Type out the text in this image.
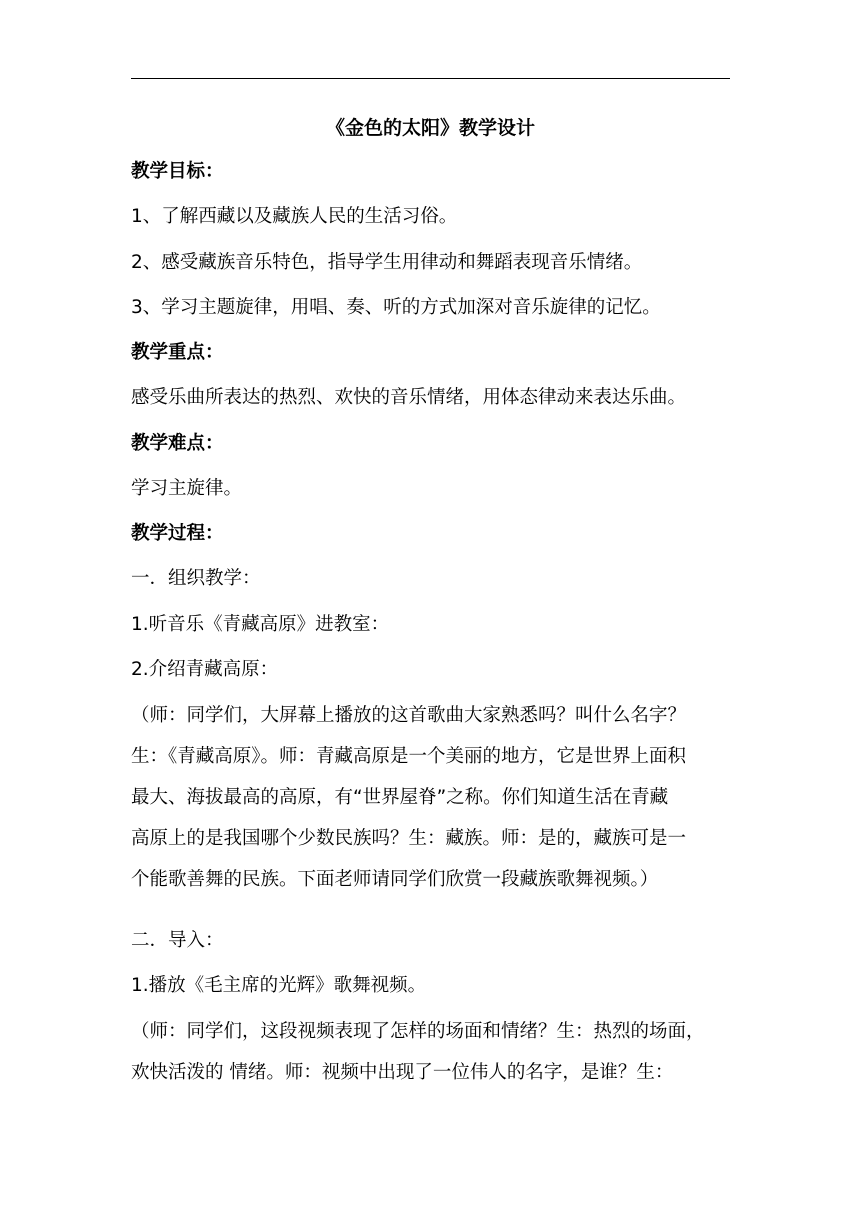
《金色的太阳》教学设计
教学目标：
1、了解西藏以及藏族人民的生活习俗。
2、感受藏族音乐特色，指导学生用律动和舞蹈表现音乐情绪。
3、学习主题旋律，用唱、奏、听的方式加深对音乐旋律的记忆。
教学重点：
感受乐曲所表达的热烈、欢快的音乐情绪，用体态律动来表达乐曲。
教学难点：
学习主旋律。
教学过程：
一．组织教学：
1.听音乐《青藏高原》进教室：
2.介绍青藏高原：
（师：同学们，大屏幕上播放的这首歌曲大家熟悉吗？叫什么名字？
生：《青藏高原》。师：青藏高原是一个美丽的地方，它是世界上面积
最大、海拔最高的高原，有“世界屋脊”之称。你们知道生活在青藏
高原上的是我国哪个少数民族吗？生：藏族。师：是的，藏族可是一
个能歌善舞的民族。下面老师请同学们欣赏一段藏族歌舞视频。）
二．导入：
1.播放《毛主席的光辉》歌舞视频。
（师：同学们，这段视频表现了怎样的场面和情绪？生：热烈的场面，
欢快活泼的 情绪。师：视频中出现了一位伟人的名字，是谁？生：
